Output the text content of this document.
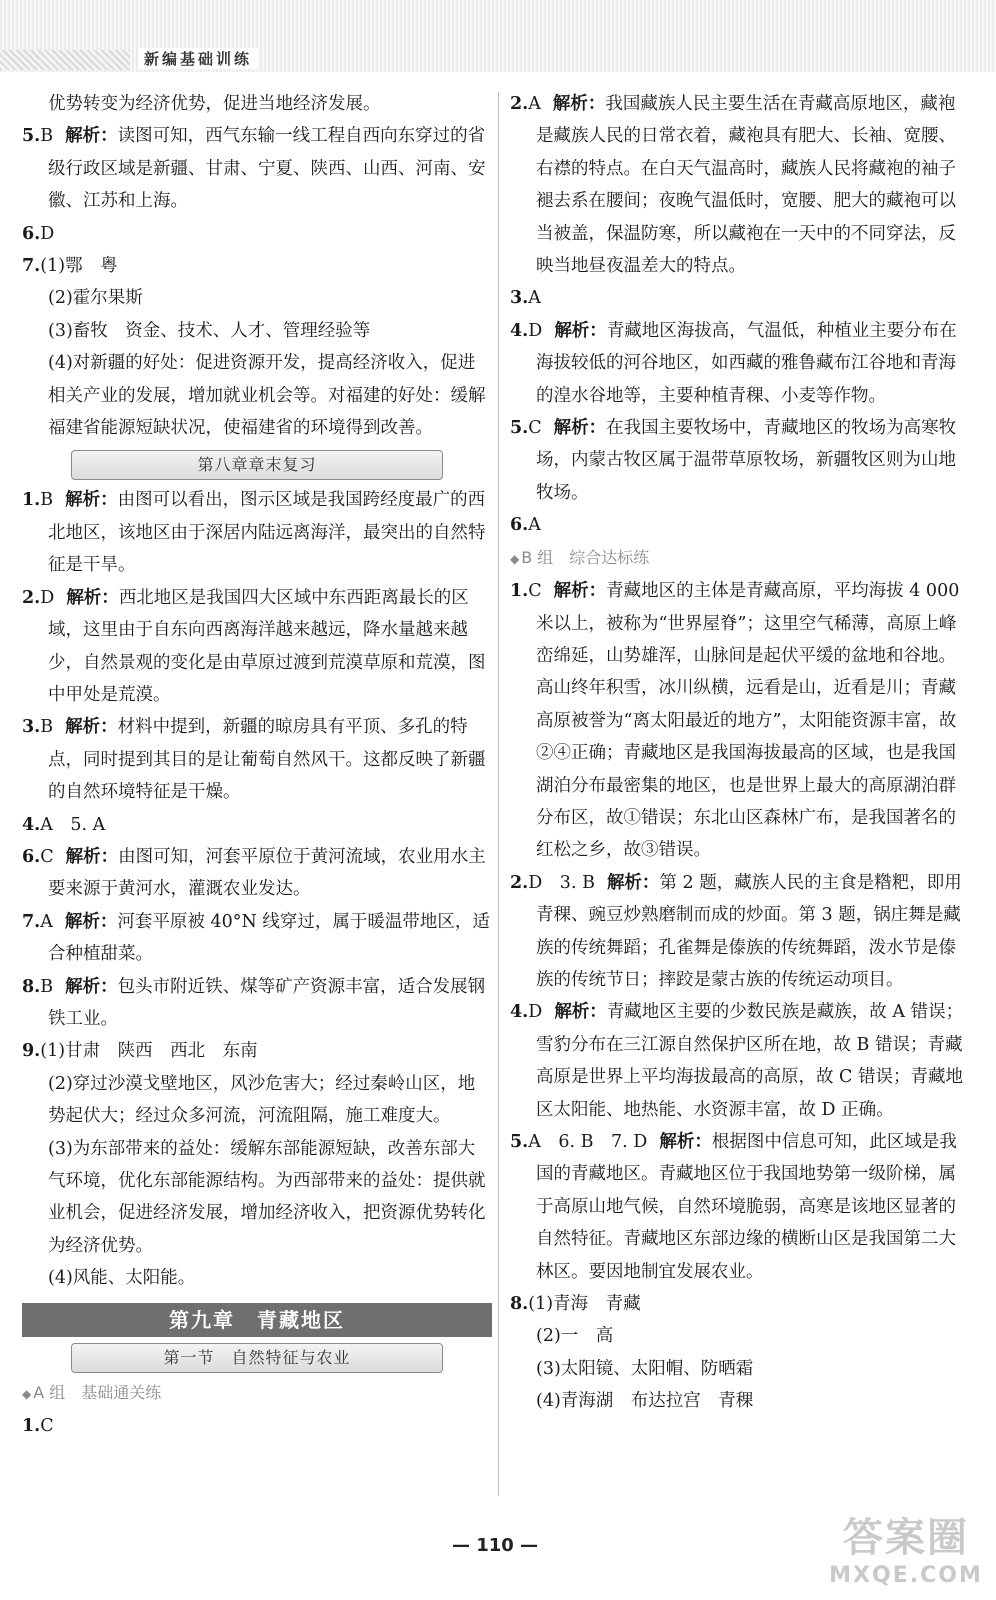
新编基础训练

优势转变为经济优势，促进当地经济发展。

5.B 解析：读图可知，西气东输一线工程自西向东穿过的省级行政区域是新疆、甘肃、宁夏、陕西、山西、河南、安徽、江苏和上海。

6.D

7.(1)鄂　粤

(2)霍尔果斯

(3)畜牧　资金、技术、人才、管理经验等

(4)对新疆的好处：促进资源开发，提高经济收入，促进相关产业的发展，增加就业机会等。对福建的好处：缓解福建省能源短缺状况，使福建省的环境得到改善。

第八章章末复习

1.B 解析：由图可以看出，图示区域是我国跨经度最广的西北地区，该地区由于深居内陆远离海洋，最突出的自然特征是干旱。

2.D 解析：西北地区是我国四大区域中东西距离最长的区域，这里由于自东向西离海洋越来越远，降水量越来越少，自然景观的变化是由草原过渡到荒漠草原和荒漠，图中甲处是荒漠。

3.B 解析：材料中提到，新疆的晾房具有平顶、多孔的特点，同时提到其目的是让葡萄自然风干。这都反映了新疆的自然环境特征是干燥。

4.A　5. A

6.C 解析：由图可知，河套平原位于黄河流域，农业用水主要来源于黄河水，灌溉农业发达。

7.A 解析：河套平原被 40°N 线穿过，属于暖温带地区，适合种植甜菜。

8.B 解析：包头市附近铁、煤等矿产资源丰富，适合发展钢铁工业。

9.(1)甘肃　陕西　西北　东南

(2)穿过沙漠戈壁地区，风沙危害大；经过秦岭山区，地势起伏大；经过众多河流，河流阻隔，施工难度大。

(3)为东部带来的益处：缓解东部能源短缺，改善东部大气环境，优化东部能源结构。为西部带来的益处：提供就业机会，促进经济发展，增加经济收入，把资源优势转化为经济优势。

(4)风能、太阳能。

第九章　青藏地区
第一节　自然特征与农业

◆ A 组　基础通关练

1.C

2.A 解析：我国藏族人民主要生活在青藏高原地区，藏袍是藏族人民的日常衣着，藏袍具有肥大、长袖、宽腰、右襟的特点。在白天气温高时，藏族人民将藏袍的袖子褪去系在腰间；夜晚气温低时，宽腰、肥大的藏袍可以当被盖，保温防寒，所以藏袍在一天中的不同穿法，反映当地昼夜温差大的特点。

3.A

4.D 解析：青藏地区海拔高，气温低，种植业主要分布在海拔较低的河谷地区，如西藏的雅鲁藏布江谷地和青海的湟水谷地等，主要种植青稞、小麦等作物。

5.C 解析：在我国主要牧场中，青藏地区的牧场为高寒牧场，内蒙古牧区属于温带草原牧场，新疆牧区则为山地牧场。

6.A

◆ B 组　综合达标练

1.C 解析：青藏地区的主体是青藏高原，平均海拔 4 000 米以上，被称为“世界屋脊”；这里空气稀薄，高原上峰峦绵延，山势雄浑，山脉间是起伏平缓的盆地和谷地。高山终年积雪，冰川纵横，远看是山，近看是川；青藏高原被誉为“离太阳最近的地方”，太阳能资源丰富，故②④正确；青藏地区是我国海拔最高的区域，也是我国湖泊分布最密集的地区，也是世界上最大的高原湖泊群分布区，故①错误；东北山区森林广布，是我国著名的红松之乡，故③错误。

2.D　3. B 解析：第 2 题，藏族人民的主食是糌粑，即用青稞、豌豆炒熟磨制而成的炒面。第 3 题，锅庄舞是藏族的传统舞蹈；孔雀舞是傣族的传统舞蹈，泼水节是傣族的传统节日；摔跤是蒙古族的传统运动项目。

4.D 解析：青藏地区主要的少数民族是藏族，故 A 错误；雪豹分布在三江源自然保护区所在地，故 B 错误；青藏高原是世界上平均海拔最高的高原，故 C 错误；青藏地区太阳能、地热能、水资源丰富，故 D 正确。

5.A　6. B　7. D 解析：根据图中信息可知，此区域是我国的青藏地区。青藏地区位于我国地势第一级阶梯，属于高原山地气候，自然环境脆弱，高寒是该地区显著的自然特征。青藏地区东部边缘的横断山区是我国第二大林区。要因地制宜发展农业。

8.(1)青海　青藏

(2)一　高

(3)太阳镜、太阳帽、防晒霜

(4)青海湖　布达拉宫　青稞

— 110 —	答案圈
MXQE.COM
